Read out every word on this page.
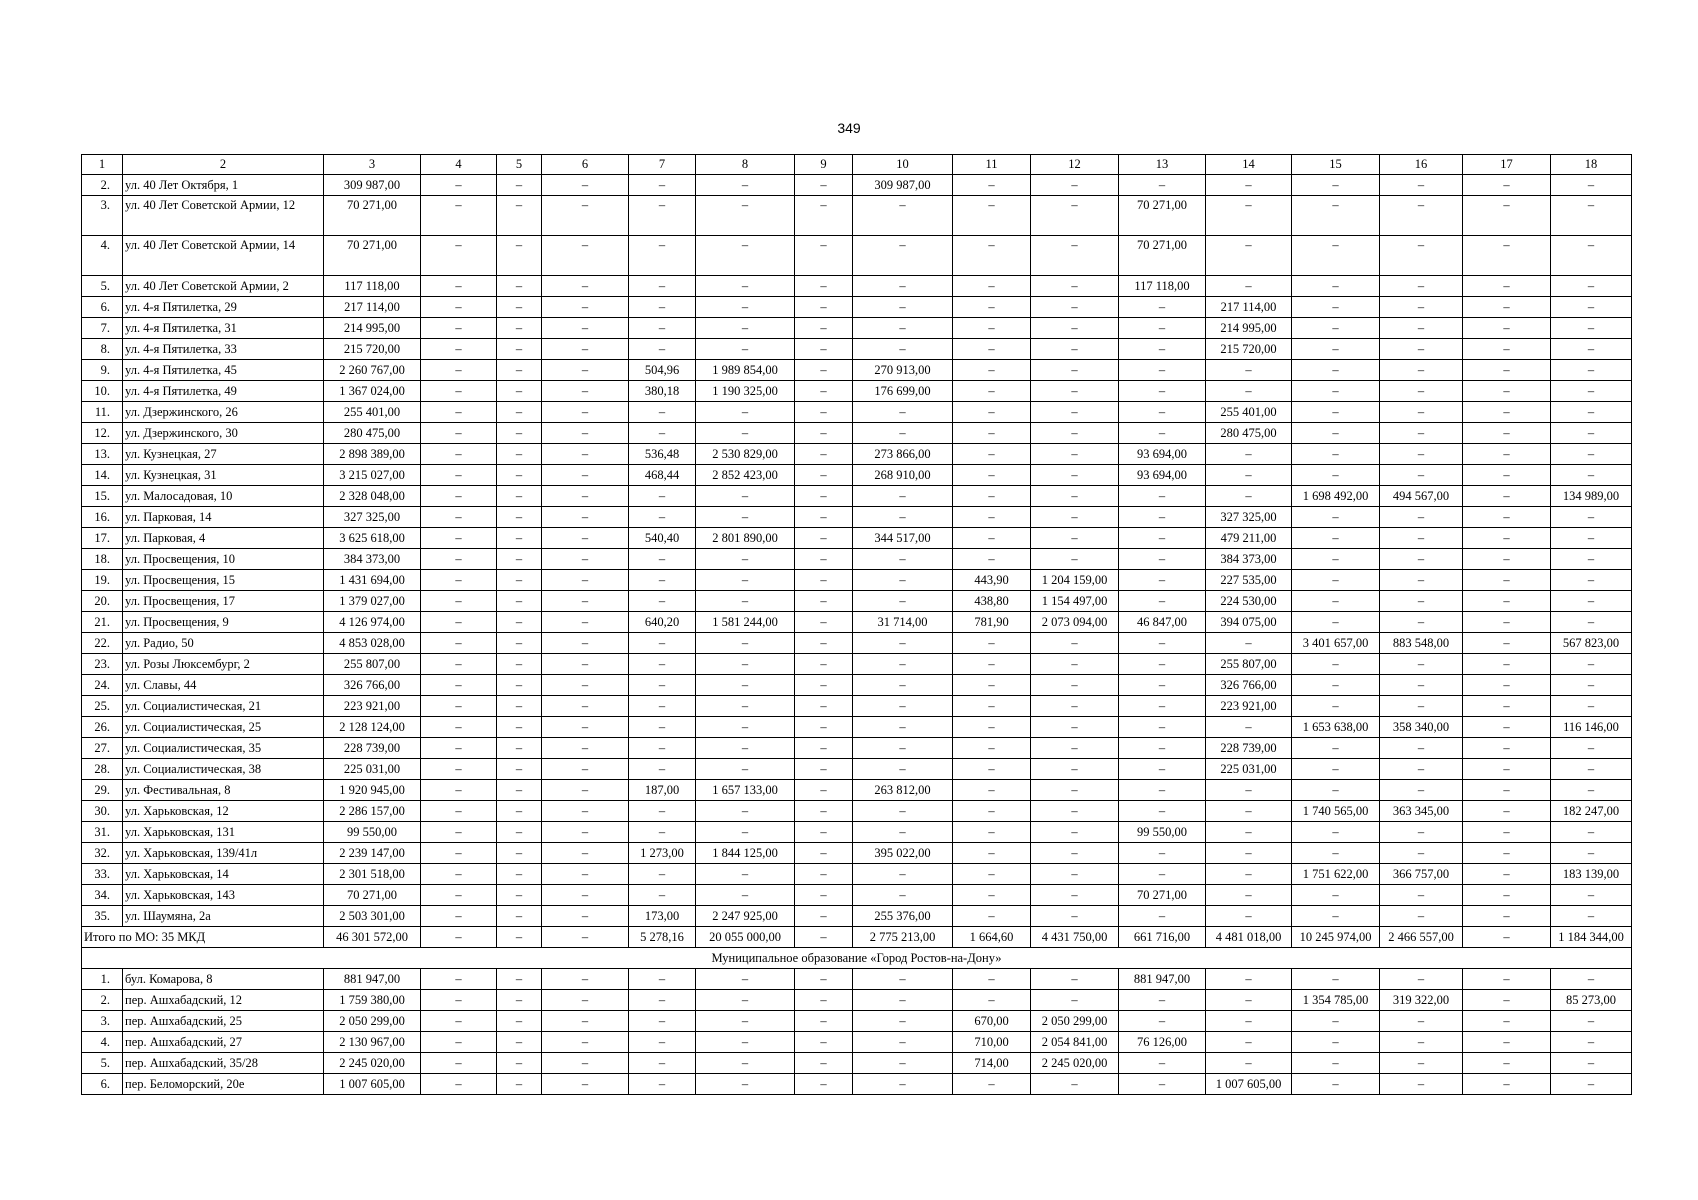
349
1	2	3	4	5	6	7	8	9	10	11	12	13	14	15	16	17	18
2.	ул. 40 Лет Октября, 1	309 987,00	–	–	–	–	–	–	309 987,00	–	–	–	–	–	–	–	–
3.	ул. 40 Лет Советской Армии, 12	70 271,00	–	–	–	–	–	–	–	–	–	70 271,00	–	–	–	–	–
4.	ул. 40 Лет Советской Армии, 14	70 271,00	–	–	–	–	–	–	–	–	–	70 271,00	–	–	–	–	–
5.	ул. 40 Лет Советской Армии, 2	117 118,00	–	–	–	–	–	–	–	–	–	117 118,00	–	–	–	–	–
6.	ул. 4-я Пятилетка, 29	217 114,00	–	–	–	–	–	–	–	–	–	–	217 114,00	–	–	–	–
7.	ул. 4-я Пятилетка, 31	214 995,00	–	–	–	–	–	–	–	–	–	–	214 995,00	–	–	–	–
8.	ул. 4-я Пятилетка, 33	215 720,00	–	–	–	–	–	–	–	–	–	–	215 720,00	–	–	–	–
9.	ул. 4-я Пятилетка, 45	2 260 767,00	–	–	–	504,96	1 989 854,00	–	270 913,00	–	–	–	–	–	–	–	–
10.	ул. 4-я Пятилетка, 49	1 367 024,00	–	–	–	380,18	1 190 325,00	–	176 699,00	–	–	–	–	–	–	–	–
11.	ул. Дзержинского, 26	255 401,00	–	–	–	–	–	–	–	–	–	–	255 401,00	–	–	–	–
12.	ул. Дзержинского, 30	280 475,00	–	–	–	–	–	–	–	–	–	–	280 475,00	–	–	–	–
13.	ул. Кузнецкая, 27	2 898 389,00	–	–	–	536,48	2 530 829,00	–	273 866,00	–	–	93 694,00	–	–	–	–	–
14.	ул. Кузнецкая, 31	3 215 027,00	–	–	–	468,44	2 852 423,00	–	268 910,00	–	–	93 694,00	–	–	–	–	–
15.	ул. Малосадовая, 10	2 328 048,00	–	–	–	–	–	–	–	–	–	–	–	1 698 492,00	494 567,00	–	134 989,00
16.	ул. Парковая, 14	327 325,00	–	–	–	–	–	–	–	–	–	–	327 325,00	–	–	–	–
17.	ул. Парковая, 4	3 625 618,00	–	–	–	540,40	2 801 890,00	–	344 517,00	–	–	–	479 211,00	–	–	–	–
18.	ул. Просвещения, 10	384 373,00	–	–	–	–	–	–	–	–	–	–	384 373,00	–	–	–	–
19.	ул. Просвещения, 15	1 431 694,00	–	–	–	–	–	–	–	443,90	1 204 159,00	–	227 535,00	–	–	–	–
20.	ул. Просвещения, 17	1 379 027,00	–	–	–	–	–	–	–	438,80	1 154 497,00	–	224 530,00	–	–	–	–
21.	ул. Просвещения, 9	4 126 974,00	–	–	–	640,20	1 581 244,00	–	31 714,00	781,90	2 073 094,00	46 847,00	394 075,00	–	–	–	–
22.	ул. Радио, 50	4 853 028,00	–	–	–	–	–	–	–	–	–	–	–	3 401 657,00	883 548,00	–	567 823,00
23.	ул. Розы Люксембург, 2	255 807,00	–	–	–	–	–	–	–	–	–	–	255 807,00	–	–	–	–
24.	ул. Славы, 44	326 766,00	–	–	–	–	–	–	–	–	–	–	326 766,00	–	–	–	–
25.	ул. Социалистическая, 21	223 921,00	–	–	–	–	–	–	–	–	–	–	223 921,00	–	–	–	–
26.	ул. Социалистическая, 25	2 128 124,00	–	–	–	–	–	–	–	–	–	–	–	1 653 638,00	358 340,00	–	116 146,00
27.	ул. Социалистическая, 35	228 739,00	–	–	–	–	–	–	–	–	–	–	228 739,00	–	–	–	–
28.	ул. Социалистическая, 38	225 031,00	–	–	–	–	–	–	–	–	–	–	225 031,00	–	–	–	–
29.	ул. Фестивальная, 8	1 920 945,00	–	–	–	187,00	1 657 133,00	–	263 812,00	–	–	–	–	–	–	–	–
30.	ул. Харьковская, 12	2 286 157,00	–	–	–	–	–	–	–	–	–	–	–	1 740 565,00	363 345,00	–	182 247,00
31.	ул. Харьковская, 131	99 550,00	–	–	–	–	–	–	–	–	–	99 550,00	–	–	–	–	–
32.	ул. Харьковская, 139/41л	2 239 147,00	–	–	–	1 273,00	1 844 125,00	–	395 022,00	–	–	–	–	–	–	–	–
33.	ул. Харьковская, 14	2 301 518,00	–	–	–	–	–	–	–	–	–	–	–	1 751 622,00	366 757,00	–	183 139,00
34.	ул. Харьковская, 143	70 271,00	–	–	–	–	–	–	–	–	–	70 271,00	–	–	–	–	–
35.	ул. Шаумяна, 2а	2 503 301,00	–	–	–	173,00	2 247 925,00	–	255 376,00	–	–	–	–	–	–	–	–
Итого по МО: 35 МКД		46 301 572,00	–	–	–	5 278,16	20 055 000,00	–	2 775 213,00	1 664,60	4 431 750,00	661 716,00	4 481 018,00	10 245 974,00	2 466 557,00	–	1 184 344,00
Муниципальное образование «Город Ростов-на-Дону»																	
1.	бул. Комарова, 8	881 947,00	–	–	–	–	–	–	–	–	–	881 947,00	–	–	–	–	–
2.	пер. Ашхабадский, 12	1 759 380,00	–	–	–	–	–	–	–	–	–	–	–	1 354 785,00	319 322,00	–	85 273,00
3.	пер. Ашхабадский, 25	2 050 299,00	–	–	–	–	–	–	–	670,00	2 050 299,00	–	–	–	–	–	–
4.	пер. Ашхабадский, 27	2 130 967,00	–	–	–	–	–	–	–	710,00	2 054 841,00	76 126,00	–	–	–	–	–
5.	пер. Ашхабадский, 35/28	2 245 020,00	–	–	–	–	–	–	–	714,00	2 245 020,00	–	–	–	–	–	–
6.	пер. Беломорский, 20е	1 007 605,00	–	–	–	–	–	–	–	–	–	–	1 007 605,00	–	–	–	–
